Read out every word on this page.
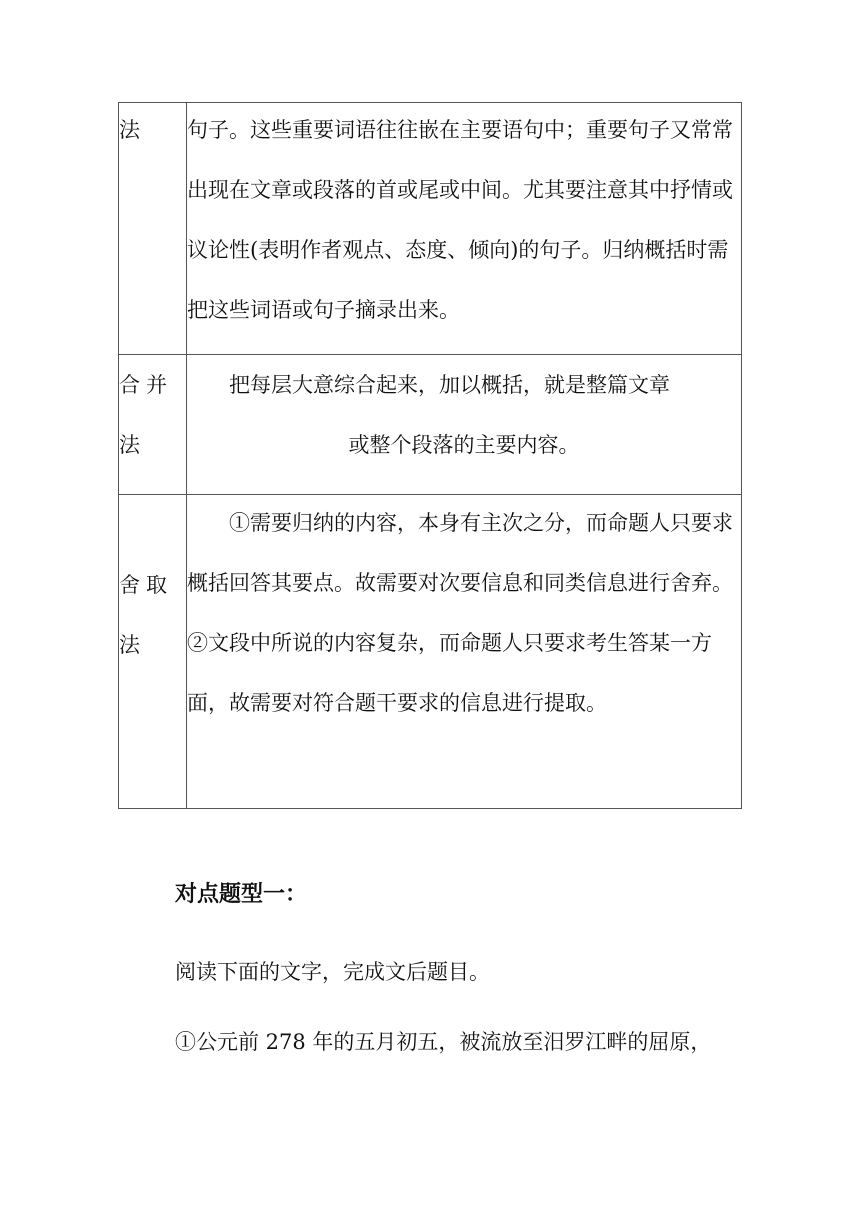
法	句子。这些重要词语往往嵌在主要语句中；重要句子又常常出现在文章或段落的首或尾或中间。尤其要注意其中抒情或议论性(表明作者观点、态度、倾向)的句子。归纳概括时需把这些词语或句子摘录出来。

合并法	把每层大意综合起来，加以概括，就是整篇文章
或整个段落的主要内容。

舍取法	①需要归纳的内容，本身有主次之分，而命题人只要求概括回答其要点。故需要对次要信息和同类信息进行舍弃。②文段中所说的内容复杂，而命题人只要求考生答某一方面，故需要对符合题干要求的信息进行提取。

对点题型一：

阅读下面的文字，完成文后题目。

①公元前 278 年的五月初五，被流放至汨罗江畔的屈原，
